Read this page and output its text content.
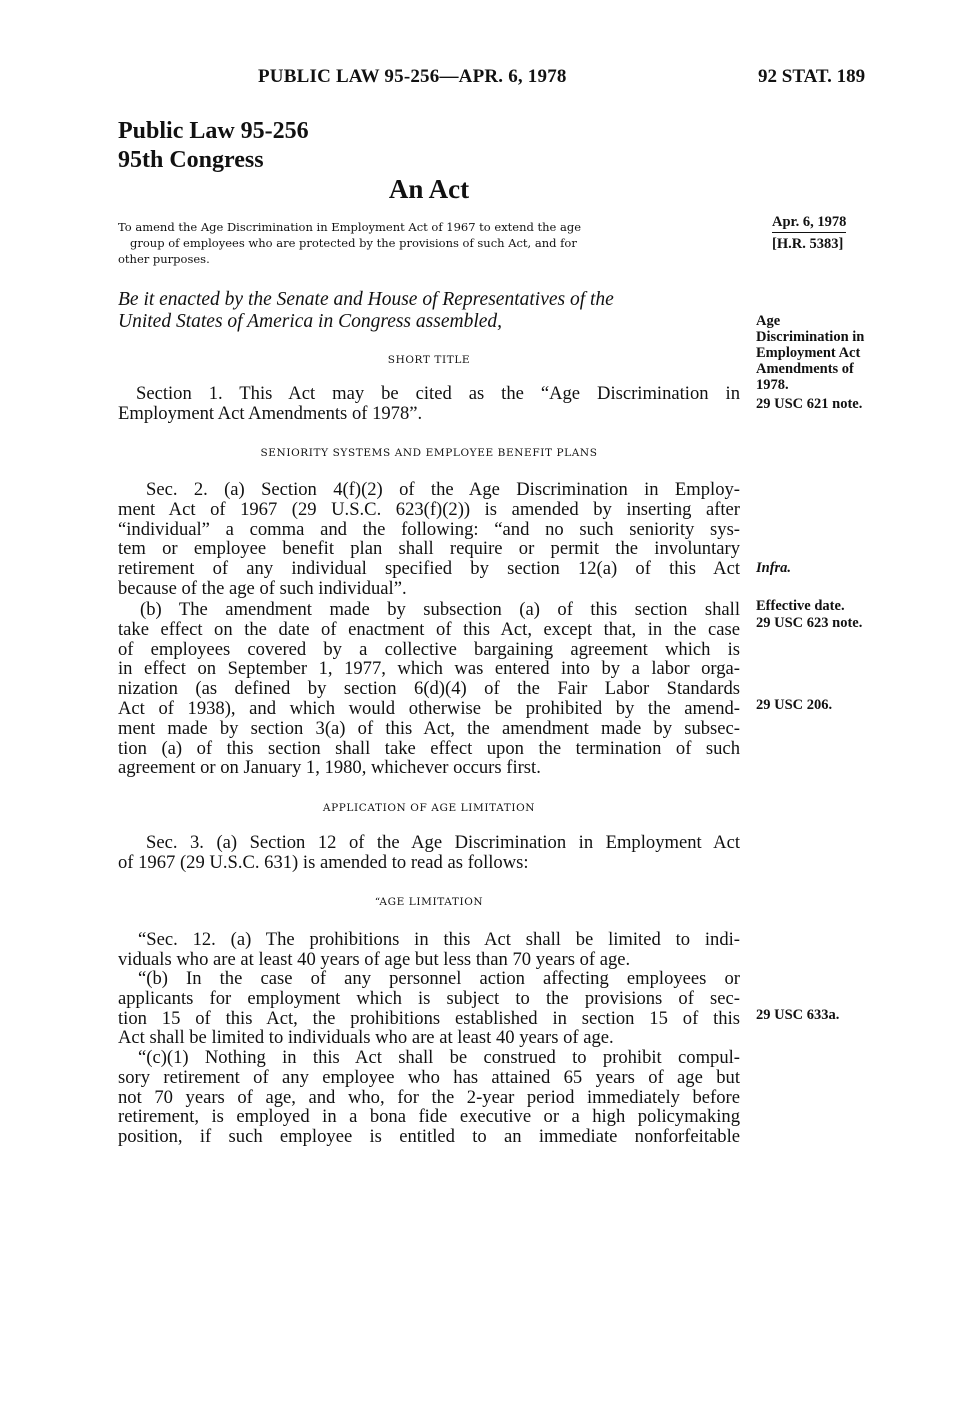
PUBLIC LAW 95-256—APR. 6, 1978	92 STAT. 189
Public Law 95-256
95th Congress
An Act
To amend the Age Discrimination in Employment Act of 1967 to extend the age
group of employees who are protected by the provisions of such Act, and for
other purposes.
Be it enacted by the Senate and House of Representatives of the
United States of America in Congress assembled,
SHORT TITLE
Section 1. This Act may be cited as the “Age Discrimination in
Employment Act Amendments of 1978”.
SENIORITY SYSTEMS AND EMPLOYEE BENEFIT PLANS
Sec. 2. (a) Section 4(f)(2) of the Age Discrimination in Employ-
ment Act of 1967 (29 U.S.C. 623(f)(2)) is amended by inserting after
“individual” a comma and the following: “and no such seniority sys-
tem or employee benefit plan shall require or permit the involuntary
retirement of any individual specified by section 12(a) of this Act
because of the age of such individual”.
(b) The amendment made by subsection (a) of this section shall
take effect on the date of enactment of this Act, except that, in the case
of employees covered by a collective bargaining agreement which is
in effect on September 1, 1977, which was entered into by a labor orga-
nization (as defined by section 6(d)(4) of the Fair Labor Standards
Act of 1938), and which would otherwise be prohibited by the amend-
ment made by section 3(a) of this Act, the amendment made by subsec-
tion (a) of this section shall take effect upon the termination of such
agreement or on January 1, 1980, whichever occurs first.
APPLICATION OF AGE LIMITATION
Sec. 3. (a) Section 12 of the Age Discrimination in Employment Act
of 1967 (29 U.S.C. 631) is amended to read as follows:
“AGE LIMITATION
“Sec. 12. (a) The prohibitions in this Act shall be limited to indi-
viduals who are at least 40 years of age but less than 70 years of age.
“(b) In the case of any personnel action affecting employees or
applicants for employment which is subject to the provisions of sec-
tion 15 of this Act, the prohibitions established in section 15 of this
Act shall be limited to individuals who are at least 40 years of age.
“(c)(1) Nothing in this Act shall be construed to prohibit compul-
sory retirement of any employee who has attained 65 years of age but
not 70 years of age, and who, for the 2-year period immediately before
retirement, is employed in a bona fide executive or a high policymaking
position, if such employee is entitled to an immediate nonforfeitable
Apr. 6, 1978
[H.R. 5383]
Age
Discrimination in
Employment Act
Amendments of
1978.
29 USC 621 note.
Infra.
Effective date.
29 USC 623 note.
29 USC 206.
29 USC 633a.
